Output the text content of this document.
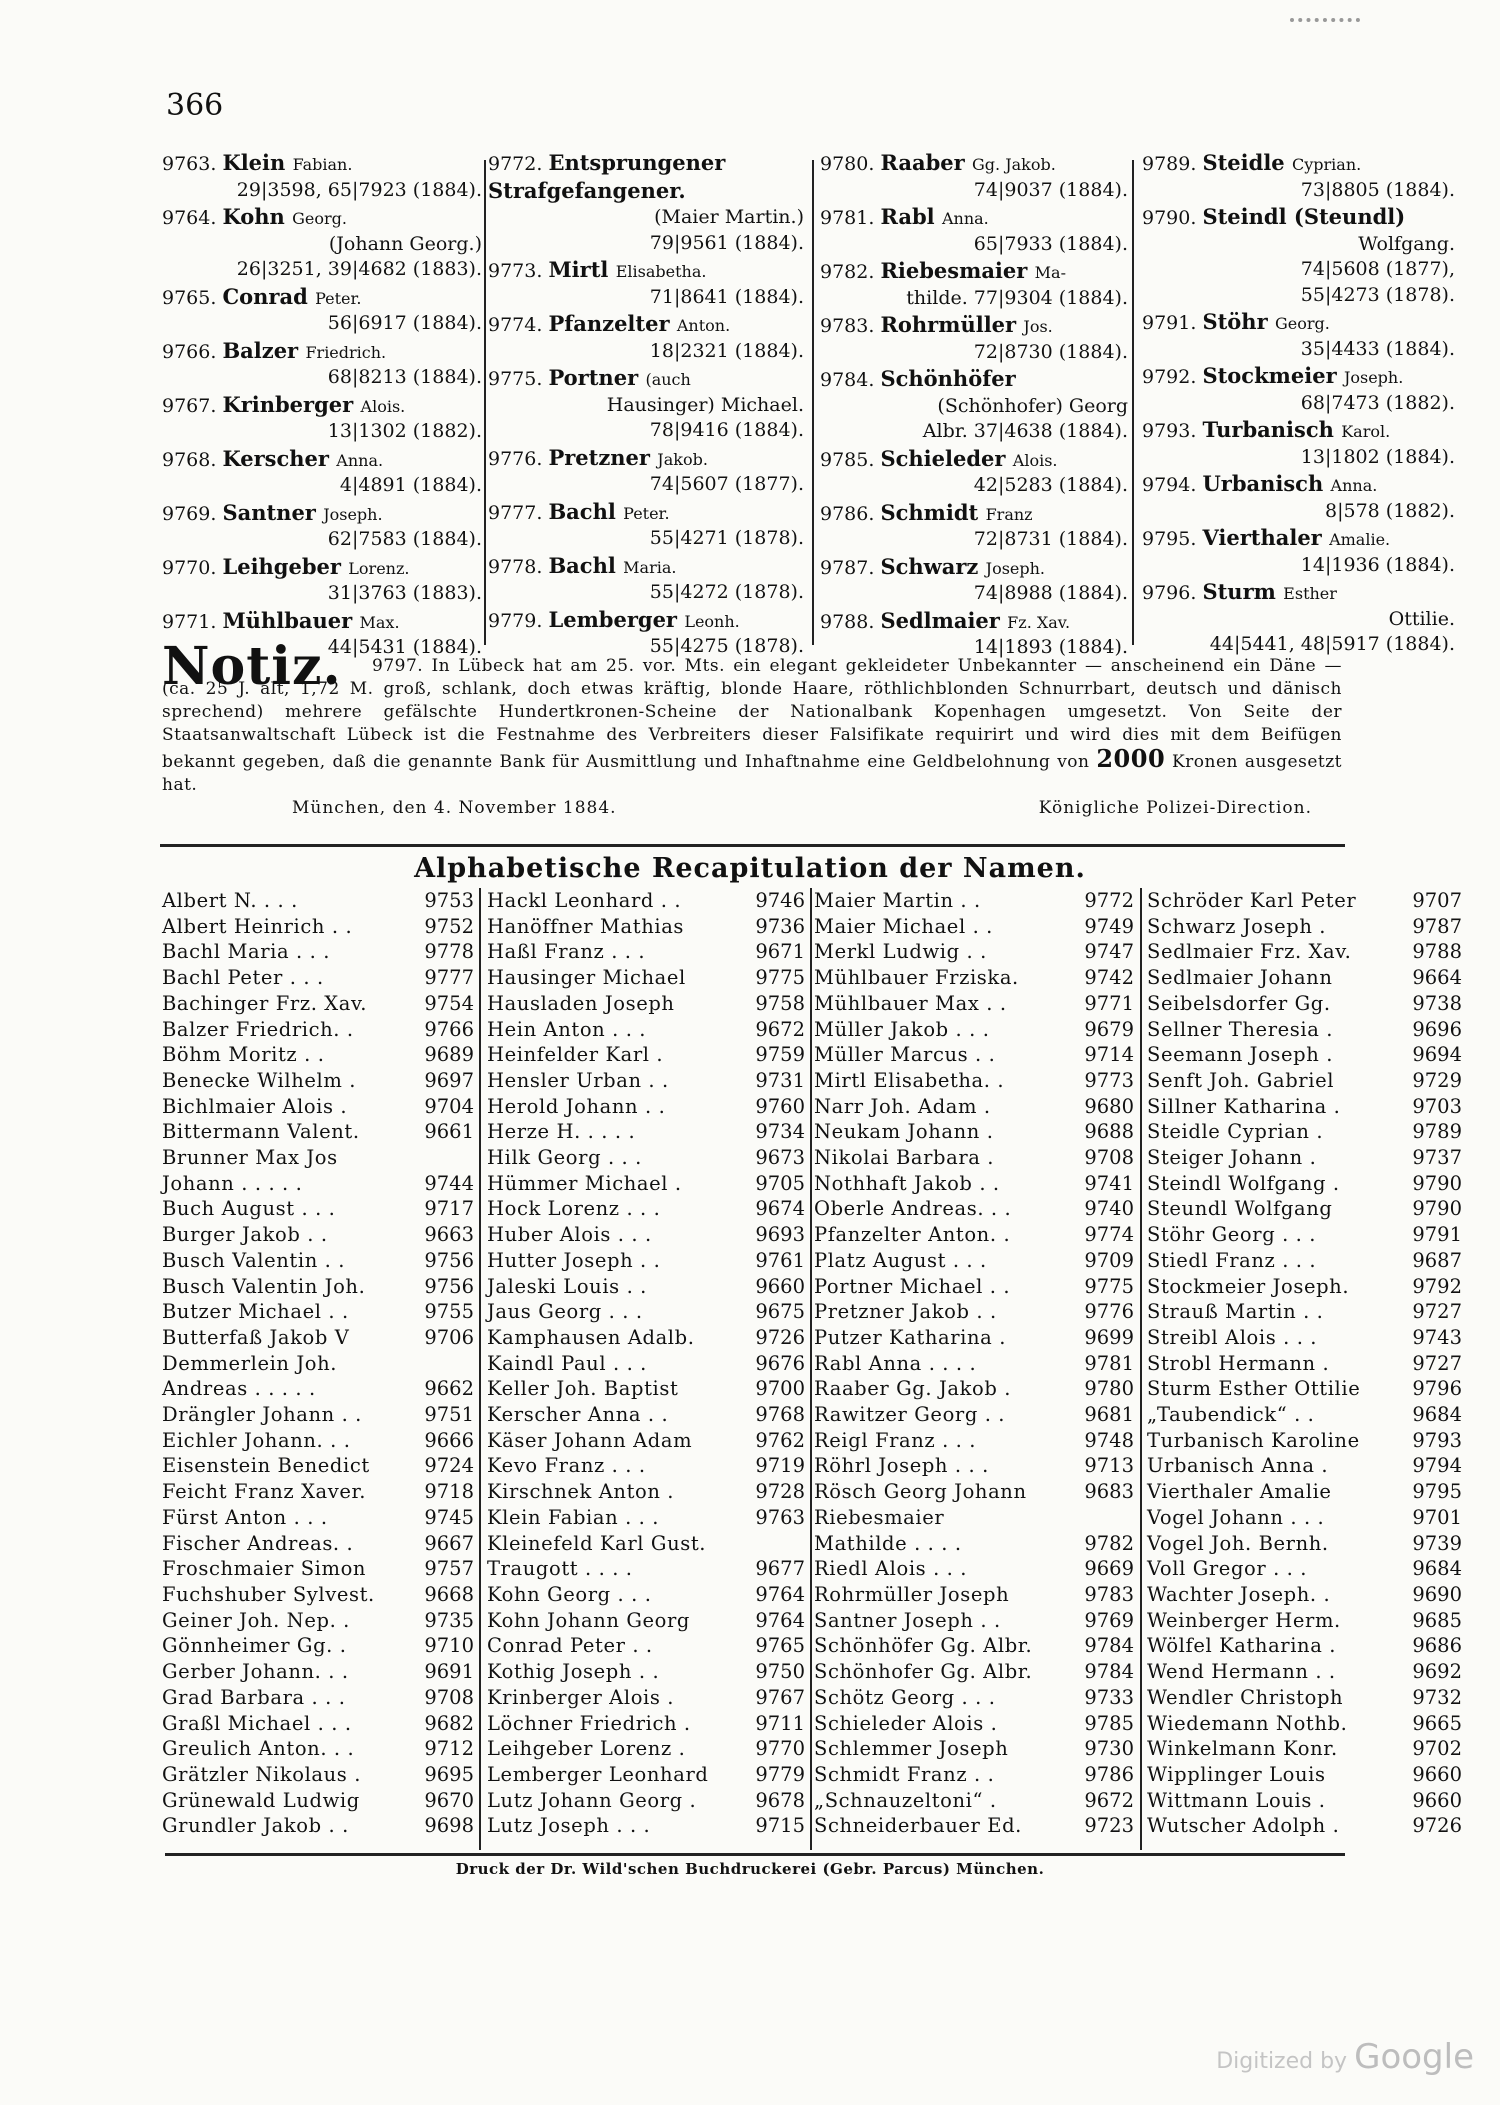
366
9763. Klein Fabian.
29|3598, 65|7923 (1884).
9764. Kohn Georg.
(Johann Georg.)
26|3251, 39|4682 (1883).
9765. Conrad Peter.
56|6917 (1884).
9766. Balzer Friedrich.
68|8213 (1884).
9767. Krinberger Alois.
13|1302 (1882).
9768. Kerscher Anna.
4|4891 (1884).
9769. Santner Joseph.
62|7583 (1884).
9770. Leihgeber Lorenz.
31|3763 (1883).
9771. Mühlbauer Max.
44|5431 (1884).
9772. Entsprungener Strafgefangener.
(Maier Martin.)
79|9561 (1884).
9773. Mirtl Elisabetha.
71|8641 (1884).
9774. Pfanzelter Anton.
18|2321 (1884).
9775. Portner (auch
Hausinger) Michael.
78|9416 (1884).
9776. Pretzner Jakob.
74|5607 (1877).
9777. Bachl Peter.
55|4271 (1878).
9778. Bachl Maria.
55|4272 (1878).
9779. Lemberger Leonh.
55|4275 (1878).
9780. Raaber Gg. Jakob.
74|9037 (1884).
9781. Rabl Anna.
65|7933 (1884).
9782. Riebesmaier Ma-
thilde. 77|9304 (1884).
9783. Rohrmüller Jos.
72|8730 (1884).
9784. Schönhöfer
(Schönhofer) Georg
Albr. 37|4638 (1884).
9785. Schieleder Alois.
42|5283 (1884).
9786. Schmidt Franz
72|8731 (1884).
9787. Schwarz Joseph.
74|8988 (1884).
9788. Sedlmaier Fz. Xav.
14|1893 (1884).
9789. Steidle Cyprian.
73|8805 (1884).
9790. Steindl (Steundl)
Wolfgang.
74|5608 (1877),
55|4273 (1878).
9791. Stöhr Georg.
35|4433 (1884).
9792. Stockmeier Joseph.
68|7473 (1882).
9793. Turbanisch Karol.
13|1802 (1884).
9794. Urbanisch Anna.
8|578 (1882).
9795. Vierthaler Amalie.
14|1936 (1884).
9796. Sturm Esther
Ottilie.
44|5441, 48|5917 (1884).
Notiz.	9797. In Lübeck hat am 25. vor. Mts. ein elegant gekleideter Unbekannter — anscheinend ein Däne — (ca. 25 J. alt, 1,72 M. groß, schlank, doch etwas kräftig, blonde Haare, röthlichblonden Schnurrbart, deutsch und dänisch sprechend) mehrere gefälschte Hundertkronen-Scheine der Nationalbank Kopenhagen umgesetzt. Von Seite der Staatsanwaltschaft Lübeck ist die Festnahme des Verbreiters dieser Falsifikate requirirt und wird dies mit dem Beifügen bekannt gegeben, daß die genannte Bank für Ausmittlung und Inhaftnahme eine Geldbelohnung von 2000 Kronen ausgesetzt hat.
München, den 4. November 1884.	Königliche Polizei-Direction.
Alphabetische Recapitulation der Namen.
Albert N. . . .	9753
Albert Heinrich . .	9752
Bachl Maria . . .	9778
Bachl Peter . . .	9777
Bachinger Frz. Xav.	9754
Balzer Friedrich. .	9766
Böhm Moritz . .	9689
Benecke Wilhelm .	9697
Bichlmaier Alois .	9704
Bittermann Valent.	9661
Brunner Max Jos
Johann . . . . .	9744
Buch August . . .	9717
Burger Jakob . .	9663
Busch Valentin . .	9756
Busch Valentin Joh.	9756
Butzer Michael . .	9755
Butterfaß Jakob V	9706
Demmerlein Joh.
Andreas . . . . .	9662
Drängler Johann . .	9751
Eichler Johann. . .	9666
Eisenstein Benedict	9724
Feicht Franz Xaver.	9718
Fürst Anton . . .	9745
Fischer Andreas. .	9667
Froschmaier Simon	9757
Fuchshuber Sylvest.	9668
Geiner Joh. Nep. .	9735
Gönnheimer Gg. .	9710
Gerber Johann. . .	9691
Grad Barbara . . .	9708
Graßl Michael . . .	9682
Greulich Anton. . .	9712
Grätzler Nikolaus .	9695
Grünewald Ludwig	9670
Grundler Jakob . .	9698
Hackl Leonhard . .	9746
Hanöffner Mathias	9736
Haßl Franz . . .	9671
Hausinger Michael	9775
Hausladen Joseph	9758
Hein Anton . . .	9672
Heinfelder Karl .	9759
Hensler Urban . .	9731
Herold Johann . .	9760
Herze H. . . . .	9734
Hilk Georg . . .	9673
Hümmer Michael .	9705
Hock Lorenz . . .	9674
Huber Alois . . .	9693
Hutter Joseph . .	9761
Jaleski Louis . .	9660
Jaus Georg . . .	9675
Kamphausen Adalb.	9726
Kaindl Paul . . .	9676
Keller Joh. Baptist	9700
Kerscher Anna . .	9768
Käser Johann Adam	9762
Kevo Franz . . .	9719
Kirschnek Anton .	9728
Klein Fabian . . .	9763
Kleinefeld Karl Gust.
Traugott . . . .	9677
Kohn Georg . . .	9764
Kohn Johann Georg	9764
Conrad Peter . .	9765
Kothig Joseph . .	9750
Krinberger Alois .	9767
Löchner Friedrich .	9711
Leihgeber Lorenz .	9770
Lemberger Leonhard 9779
Lutz Johann Georg .	9678
Lutz Joseph . . .	9715
Maier Martin . .	9772
Maier Michael . .	9749
Merkl Ludwig . .	9747
Mühlbauer Frziska.	9742
Mühlbauer Max . .	9771
Müller Jakob . . .	9679
Müller Marcus . .	9714
Mirtl Elisabetha. .	9773
Narr Joh. Adam .	9680
Neukam Johann .	9688
Nikolai Barbara .	9708
Nothhaft Jakob . .	9741
Oberle Andreas. . .	9740
Pfanzelter Anton. .	9774
Platz August . . .	9709
Portner Michael . .	9775
Pretzner Jakob . .	9776
Putzer Katharina .	9699
Rabl Anna . . . .	9781
Raaber Gg. Jakob .	9780
Rawitzer Georg . .	9681
Reigl Franz . . .	9748
Röhrl Joseph . . .	9713
Rösch Georg Johann	9683
Riebesmaier
Mathilde . . . .	9782
Riedl Alois . . .	9669
Rohrmüller Joseph	9783
Santner Joseph . .	9769
Schönhöfer Gg. Albr.	9784
Schönhofer Gg. Albr.	9784
Schötz Georg . . .	9733
Schieleder Alois .	9785
Schlemmer Joseph	9730
Schmidt Franz . .	9786
„Schnauzeltoni“ .	9672
Schneiderbauer Ed.	9723
Schröder Karl Peter	9707
Schwarz Joseph .	9787
Sedlmaier Frz. Xav.	9788
Sedlmaier Johann	9664
Seibelsdorfer Gg.	9738
Sellner Theresia .	9696
Seemann Joseph .	9694
Senft Joh. Gabriel	9729
Sillner Katharina .	9703
Steidle Cyprian .	9789
Steiger Johann .	9737
Steindl Wolfgang .	9790
Steundl Wolfgang	9790
Stöhr Georg . . .	9791
Stiedl Franz . . .	9687
Stockmeier Joseph.	9792
Strauß Martin . .	9727
Streibl Alois . . .	9743
Strobl Hermann .	9727
Sturm Esther Ottilie	9796
„Taubendick“ . .	9684
Turbanisch Karoline	9793
Urbanisch Anna .	9794
Vierthaler Amalie	9795
Vogel Johann . . .	9701
Vogel Joh. Bernh.	9739
Voll Gregor . . .	9684
Wachter Joseph. .	9690
Weinberger Herm.	9685
Wölfel Katharina .	9686
Wend Hermann . .	9692
Wendler Christoph	9732
Wiedemann Nothb.	9665
Winkelmann Konr.	9702
Wipplinger Louis	9660
Wittmann Louis .	9660
Wutscher Adolph .	9726
Druck der Dr. Wild'schen Buchdruckerei (Gebr. Parcus) München.
Digitized by Google
